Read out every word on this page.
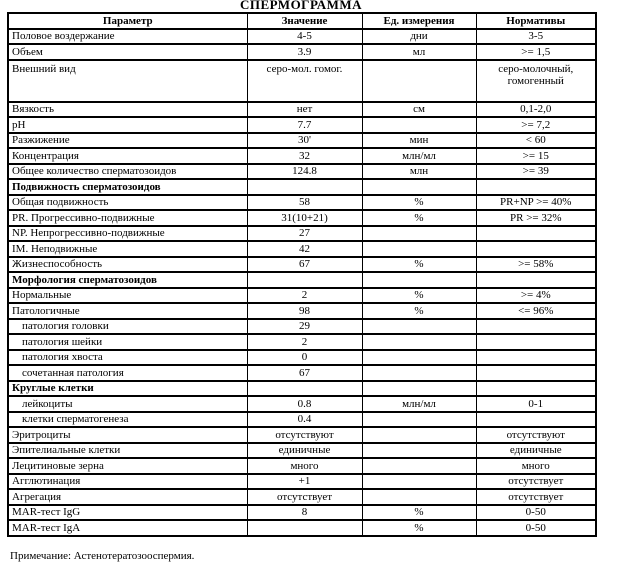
СПЕРМОГРАММА
Параметр	Значение	Ед. измерения	Нормативы
Половое воздержание	4-5	дни	3-5
Объем	3.9	мл	>= 1,5
Внешний вид	серо-мол. гомог.		серо-молочный, гомогенный
Вязкость	нет	см	0,1-2,0
pH	7.7		>= 7,2
Разжижение	30'	мин	< 60
Концентрация	32	млн/мл	>= 15
Общее количество сперматозоидов	124.8	млн	>= 39
Подвижность сперматозоидов			
Общая подвижность	58	%	PR+NP >= 40%
PR. Прогрессивно-подвижные	31(10+21)	%	PR >= 32%
NP. Непрогрессивно-подвижные	27		
IM. Неподвижные	42		
Жизнеспособность	67	%	>= 58%
Морфология сперматозоидов			
Нормальные	2	%	>= 4%
Патологичные	98	%	<= 96%
патология головки	29		
патология шейки	2		
патология хвоста	0		
сочетанная патология	67		
Круглые клетки			
лейкоциты	0.8	млн/мл	0-1
клетки сперматогенеза	0.4		
Эритроциты	отсутствуют		отсутствуют
Эпителиальные клетки	единичные		единичные
Лецитиновые зерна	много		много
Агглютинация	+1		отсутствует
Агрегация	отсутствует		отсутствует
MAR-тест IgG	8	%	0-50
MAR-тест IgA		%	0-50
Примечание: Астенотератозооспермия.
